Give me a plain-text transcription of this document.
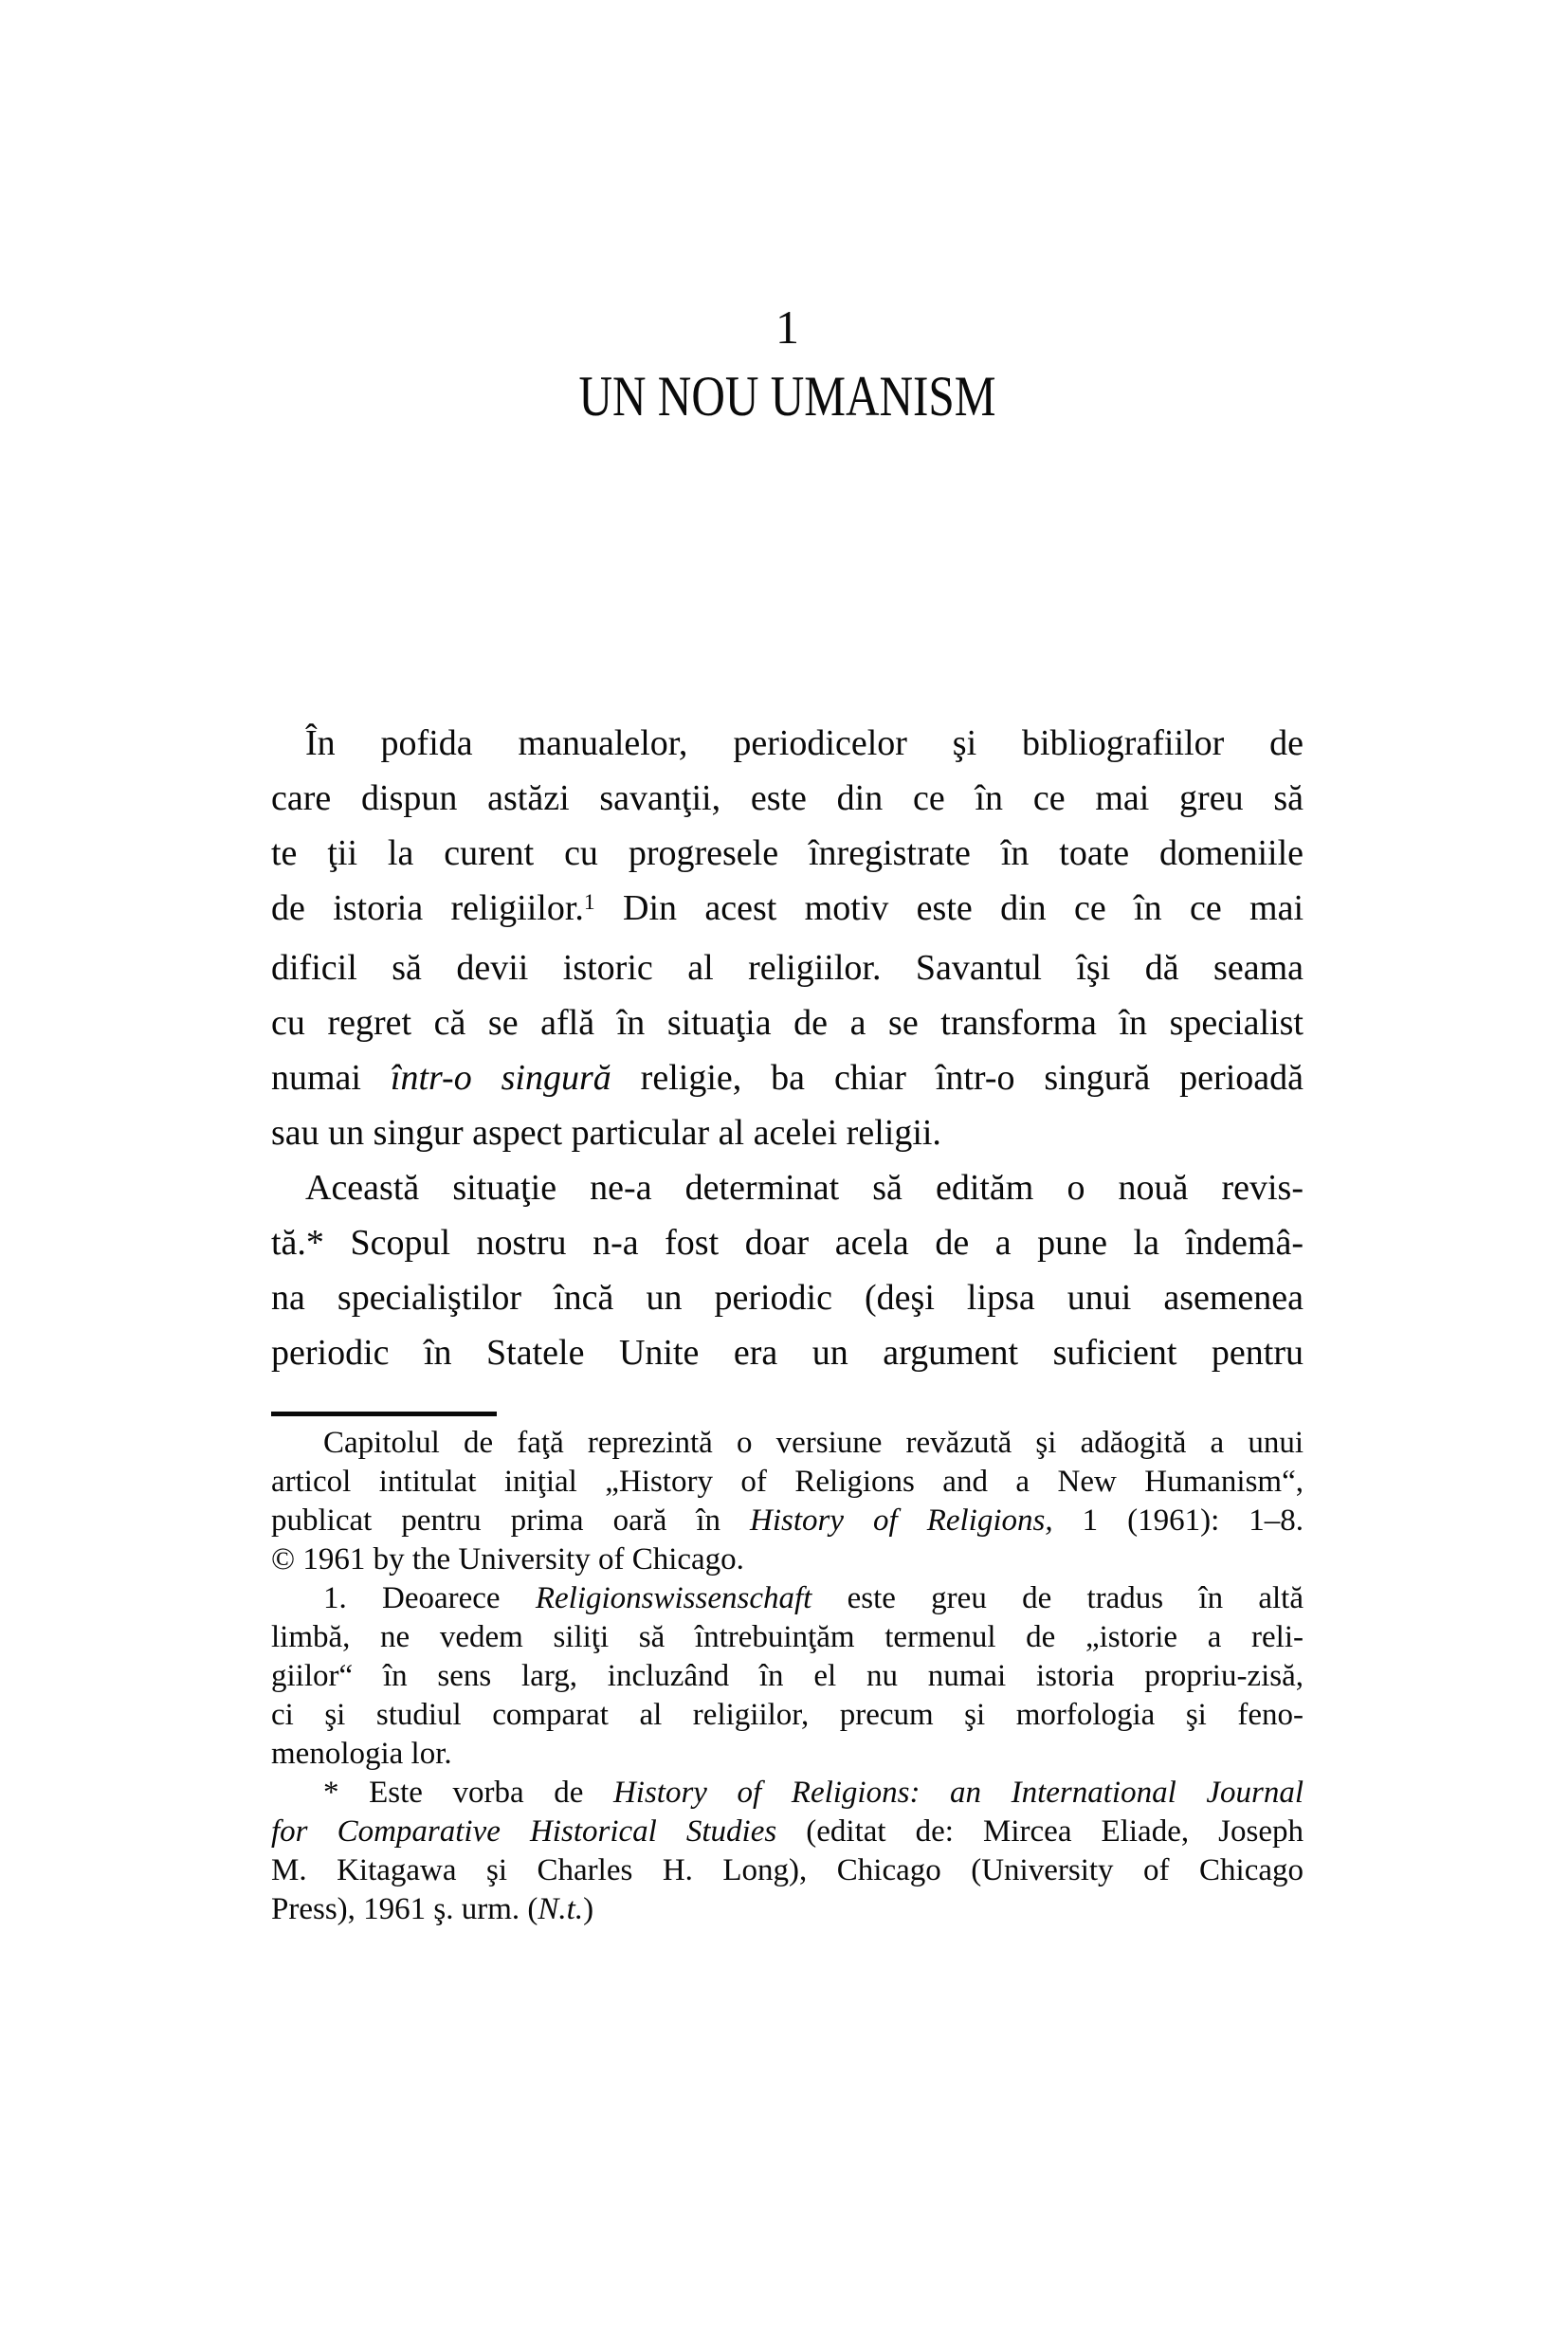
1
UN NOU UMANISM
În pofida manualelor, periodicelor şi bibliografiilor de
care dispun astăzi savanţii, este din ce în ce mai greu să
te ţii la curent cu progresele înregistrate în toate domeniile
de istoria religiilor.$^1$ Din acest motiv este din ce în ce mai
dificil să devii istoric al religiilor. Savantul îşi dă seama
cu regret că se află în situaţia de a se transforma în specialist
numai într-o singură religie, ba chiar într-o singură perioadă
sau un singur aspect particular al acelei religii.
Această situaţie ne-a determinat să edităm o nouă revis-
tă.* Scopul nostru n-a fost doar acela de a pune la îndemâ-
na specialiştilor încă un periodic (deşi lipsa unui asemenea
periodic în Statele Unite era un argument suficient pentru
Capitolul de faţă reprezintă o versiune revăzută şi adăogită a unui
articol intitulat iniţial „History of Religions and a New Humanism“,
publicat pentru prima oară în History of Religions, 1 (1961): 1–8.
© 1961 by the University of Chicago.
1. Deoarece Religionswissenschaft este greu de tradus în altă
limbă, ne vedem siliţi să întrebuinţăm termenul de „istorie a reli-
giilor“ în sens larg, incluzând în el nu numai istoria propriu-zisă,
ci şi studiul comparat al religiilor, precum şi morfologia şi feno-
menologia lor.
* Este vorba de History of Religions: an International Journal
for Comparative Historical Studies (editat de: Mircea Eliade, Joseph
M. Kitagawa şi Charles H. Long), Chicago (University of Chicago
Press), 1961 ş. urm. (N.t.)
